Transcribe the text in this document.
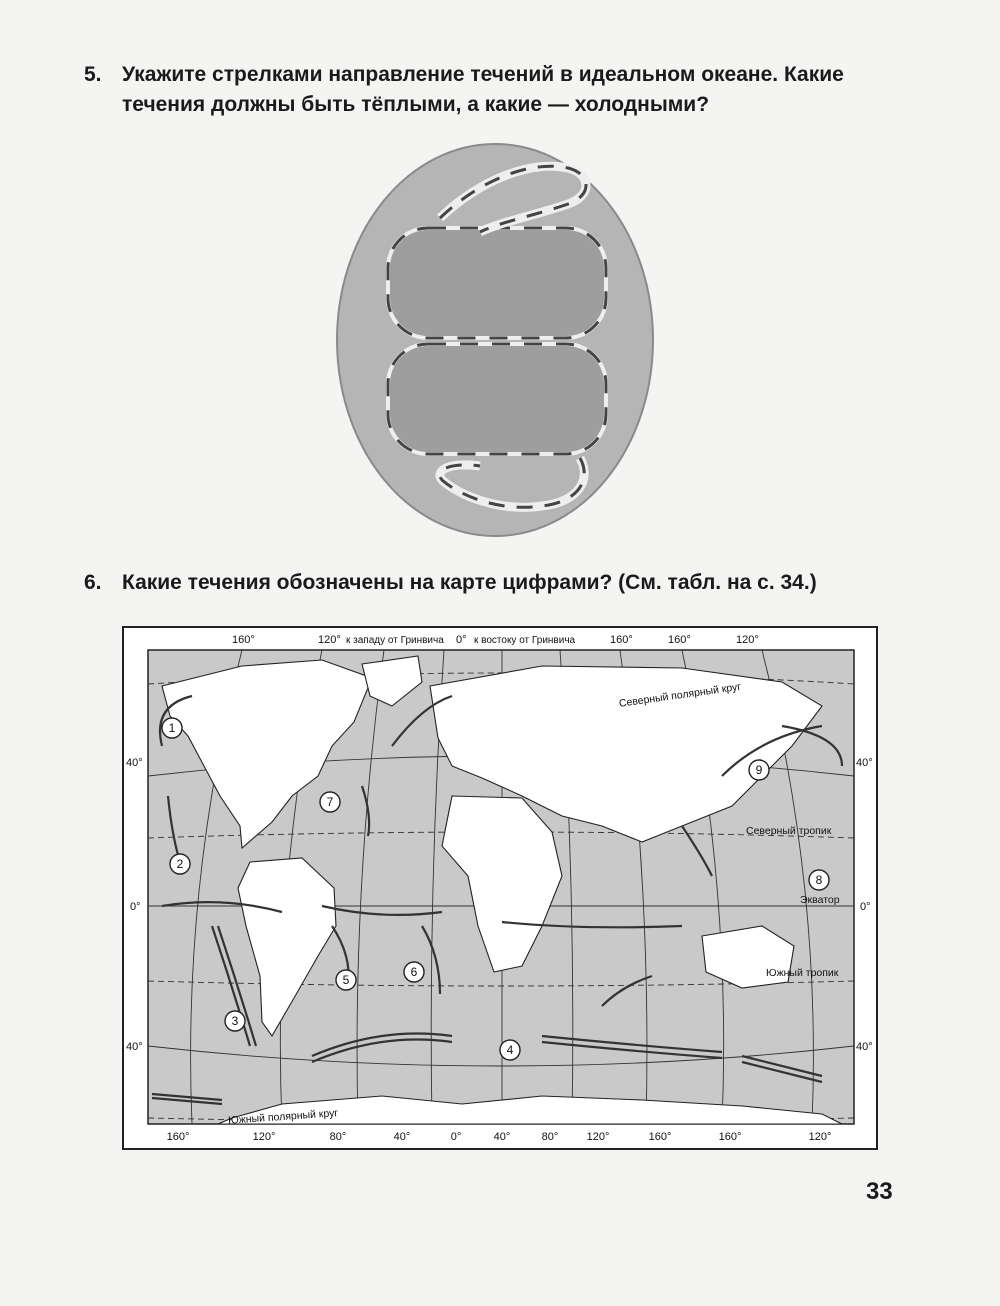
5. Укажите стрелками направление течений в идеальном океане. Какие течения должны быть тёплыми, а какие — холодными?
6. Какие течения обозначены на карте цифрами? (См. табл. на с. 34.)
1
2
3
4
5
6
7
8
9
160°	120° к западу от Гринвича 0° к востоку от Гринвича	160°	160°	120°
160°	120°	80°	40°	0°	40°	80°	120°	160°	160°	120°
40°
0°
40°
40°
0°
40°
Северный полярный круг
Северный тропик
Экватор
Южный тропик
Южный полярный круг
33
